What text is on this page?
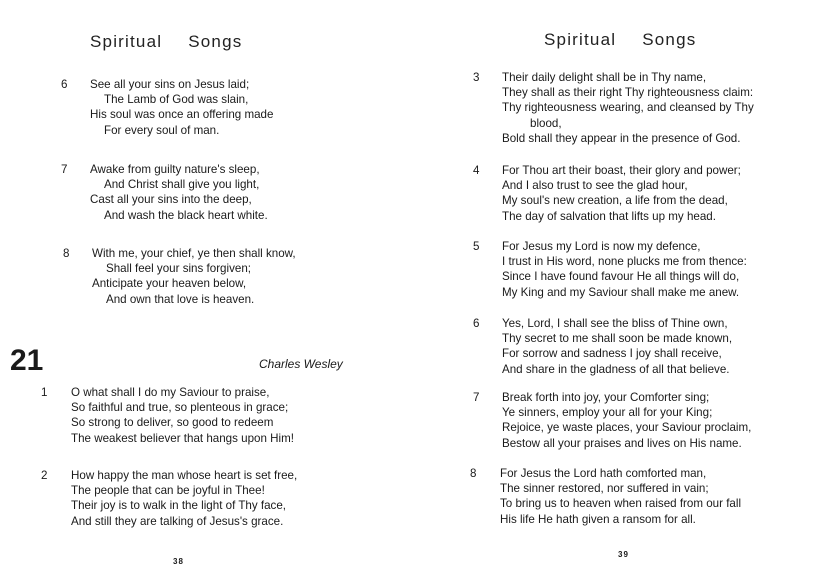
Spiritual Songs
6 See all your sins on Jesus laid;
The Lamb of God was slain,
His soul was once an offering made
For every soul of man.
7 Awake from guilty nature's sleep,
And Christ shall give you light,
Cast all your sins into the deep,
And wash the black heart white.
8 With me, your chief, ye then shall know,
Shall feel your sins forgiven;
Anticipate your heaven below,
And own that love is heaven.
21	Charles Wesley
1 O what shall I do my Saviour to praise,
So faithful and true, so plenteous in grace;
So strong to deliver, so good to redeem
The weakest believer that hangs upon Him!
2 How happy the man whose heart is set free,
The people that can be joyful in Thee!
Their joy is to walk in the light of Thy face,
And still they are talking of Jesus's grace.
38
Spiritual Songs
3 Their daily delight shall be in Thy name,
They shall as their right Thy righteousness claim:
Thy righteousness wearing, and cleansed by Thy
blood,
Bold shall they appear in the presence of God.
4 For Thou art their boast, their glory and power;
And I also trust to see the glad hour,
My soul's new creation, a life from the dead,
The day of salvation that lifts up my head.
5 For Jesus my Lord is now my defence,
I trust in His word, none plucks me from thence:
Since I have found favour He all things will do,
My King and my Saviour shall make me anew.
6 Yes, Lord, I shall see the bliss of Thine own,
Thy secret to me shall soon be made known,
For sorrow and sadness I joy shall receive,
And share in the gladness of all that believe.
7 Break forth into joy, your Comforter sing;
Ye sinners, employ your all for your King;
Rejoice, ye waste places, your Saviour proclaim,
Bestow all your praises and lives on His name.
8 For Jesus the Lord hath comforted man,
The sinner restored, nor suffered in vain;
To bring us to heaven when raised from our fall
His life He hath given a ransom for all.
39
